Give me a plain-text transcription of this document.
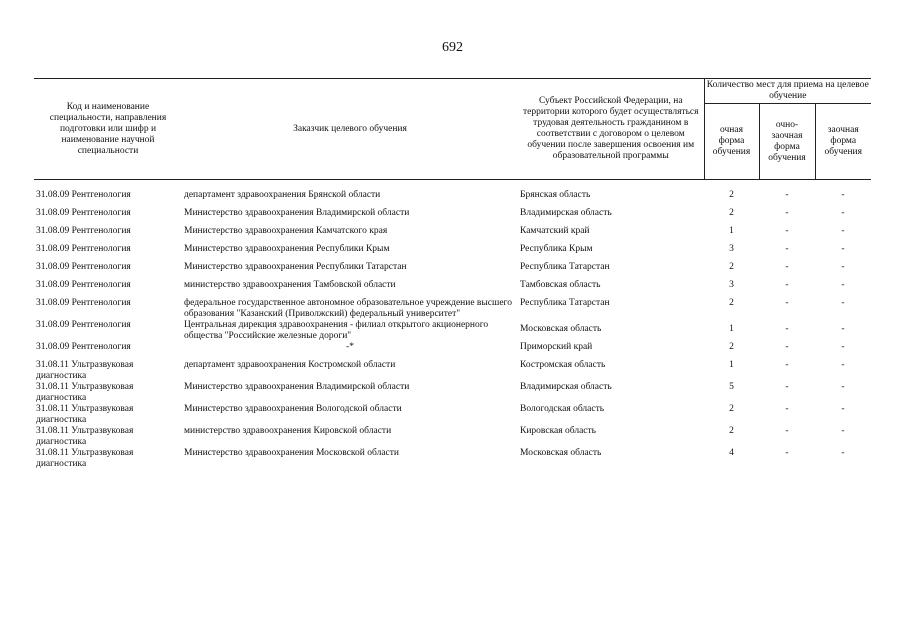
692
Код и наименование специальности, направления подготовки или шифр и наименование научной специальности	Заказчик целевого обучения	Субъект Российской Федерации, на территории которого будет осуществляться трудовая деятельность гражданином в соответствии с договором о целевом обучении после завершения освоения им образовательной программы	Количество мест для приема на целевое обучение		
			очная форма обучения	очно-заочная форма обучения	заочная форма обучения

31.08.09 Рентгенология	департамент здравоохранения Брянской области	Брянская область	2	-	-
31.08.09 Рентгенология	Министерство здравоохранения Владимирской области	Владимирская область	2	-	-
31.08.09 Рентгенология	Министерство здравоохранения Камчатского края	Камчатский край	1	-	-
31.08.09 Рентгенология	Министерство здравоохранения Республики Крым	Республика Крым	3	-	-
31.08.09 Рентгенология	Министерство здравоохранения Республики Татарстан	Республика Татарстан	2	-	-
31.08.09 Рентгенология	министерство здравоохранения Тамбовской области	Тамбовская область	3	-	-
31.08.09 Рентгенология	федеральное государственное автономное образовательное учреждение высшего образования "Казанский (Приволжский) федеральный университет"	Республика Татарстан	2	-	-
31.08.09 Рентгенология	Центральная дирекция здравоохранения - филиал открытого акционерного общества "Российские железные дороги"	Московская область	1	-	-
31.08.09 Рентгенология	-*	Приморский край	2	-	-
31.08.11 Ультразвуковая диагностика	департамент здравоохранения Костромской области	Костромская область	1	-	-
31.08.11 Ультразвуковая диагностика	Министерство здравоохранения Владимирской области	Владимирская область	5	-	-
31.08.11 Ультразвуковая диагностика	Министерство здравоохранения Вологодской области	Вологодская область	2	-	-
31.08.11 Ультразвуковая диагностика	министерство здравоохранения Кировской области	Кировская область	2	-	-
31.08.11 Ультразвуковая диагностика	Министерство здравоохранения Московской области	Московская область	4	-	-
